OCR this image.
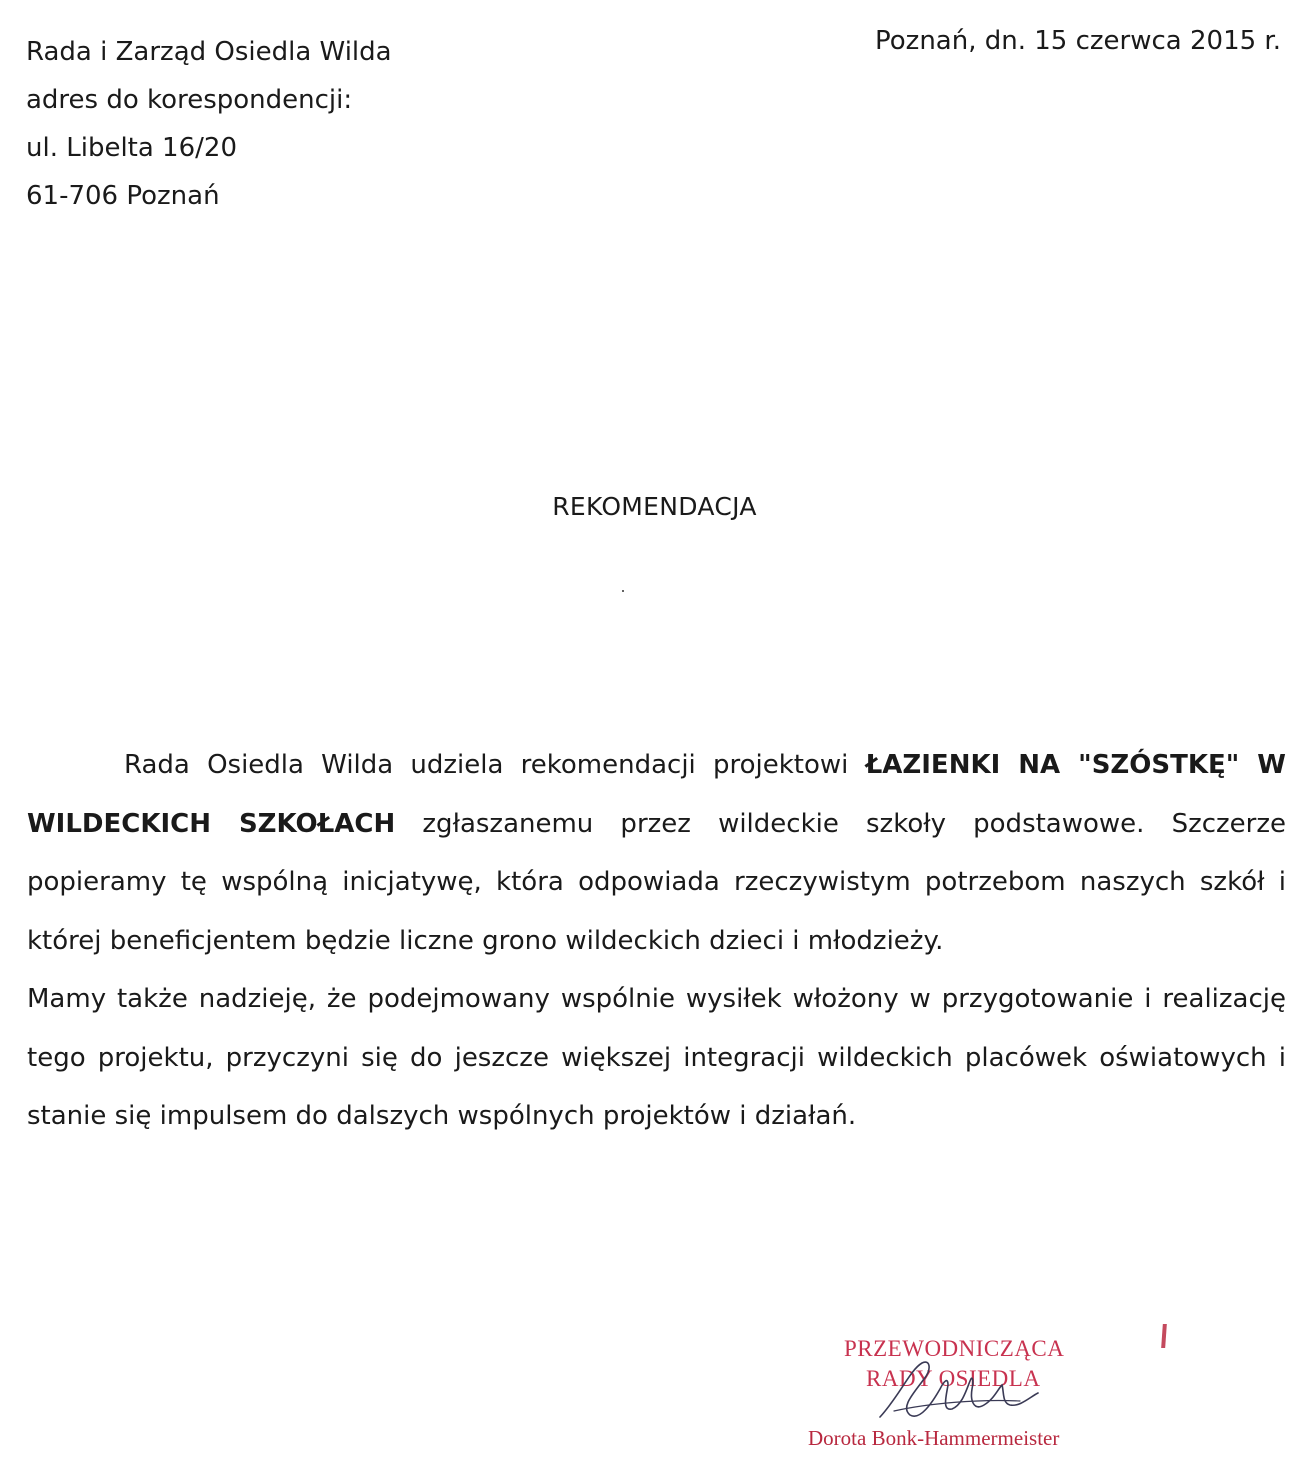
Rada i Zarząd Osiedla Wilda
adres do korespondencji:
ul. Libelta 16/20
61-706 Poznań
Poznań, dn. 15 czerwca 2015 r.
REKOMENDACJA

Rada Osiedla Wilda udziela rekomendacji projektowi ŁAZIENKI NA "SZÓSTKĘ" W WILDECKICH SZKOŁACH zgłaszanemu przez wildeckie szkoły podstawowe. Szczerze popieramy tę wspólną inicjatywę, która odpowiada rzeczywistym potrzebom naszych szkół i której beneficjentem będzie liczne grono wildeckich dzieci i młodzieży.

Mamy także nadzieję, że podejmowany wspólnie wysiłek włożony w przygotowanie i realizację tego projektu, przyczyni się do jeszcze większej integracji wildeckich placówek oświatowych i stanie się impulsem do dalszych wspólnych projektów i działań.

PRZEWODNICZĄCA
RADY OSIEDLA
Dorota Bonk-Hammermeister
